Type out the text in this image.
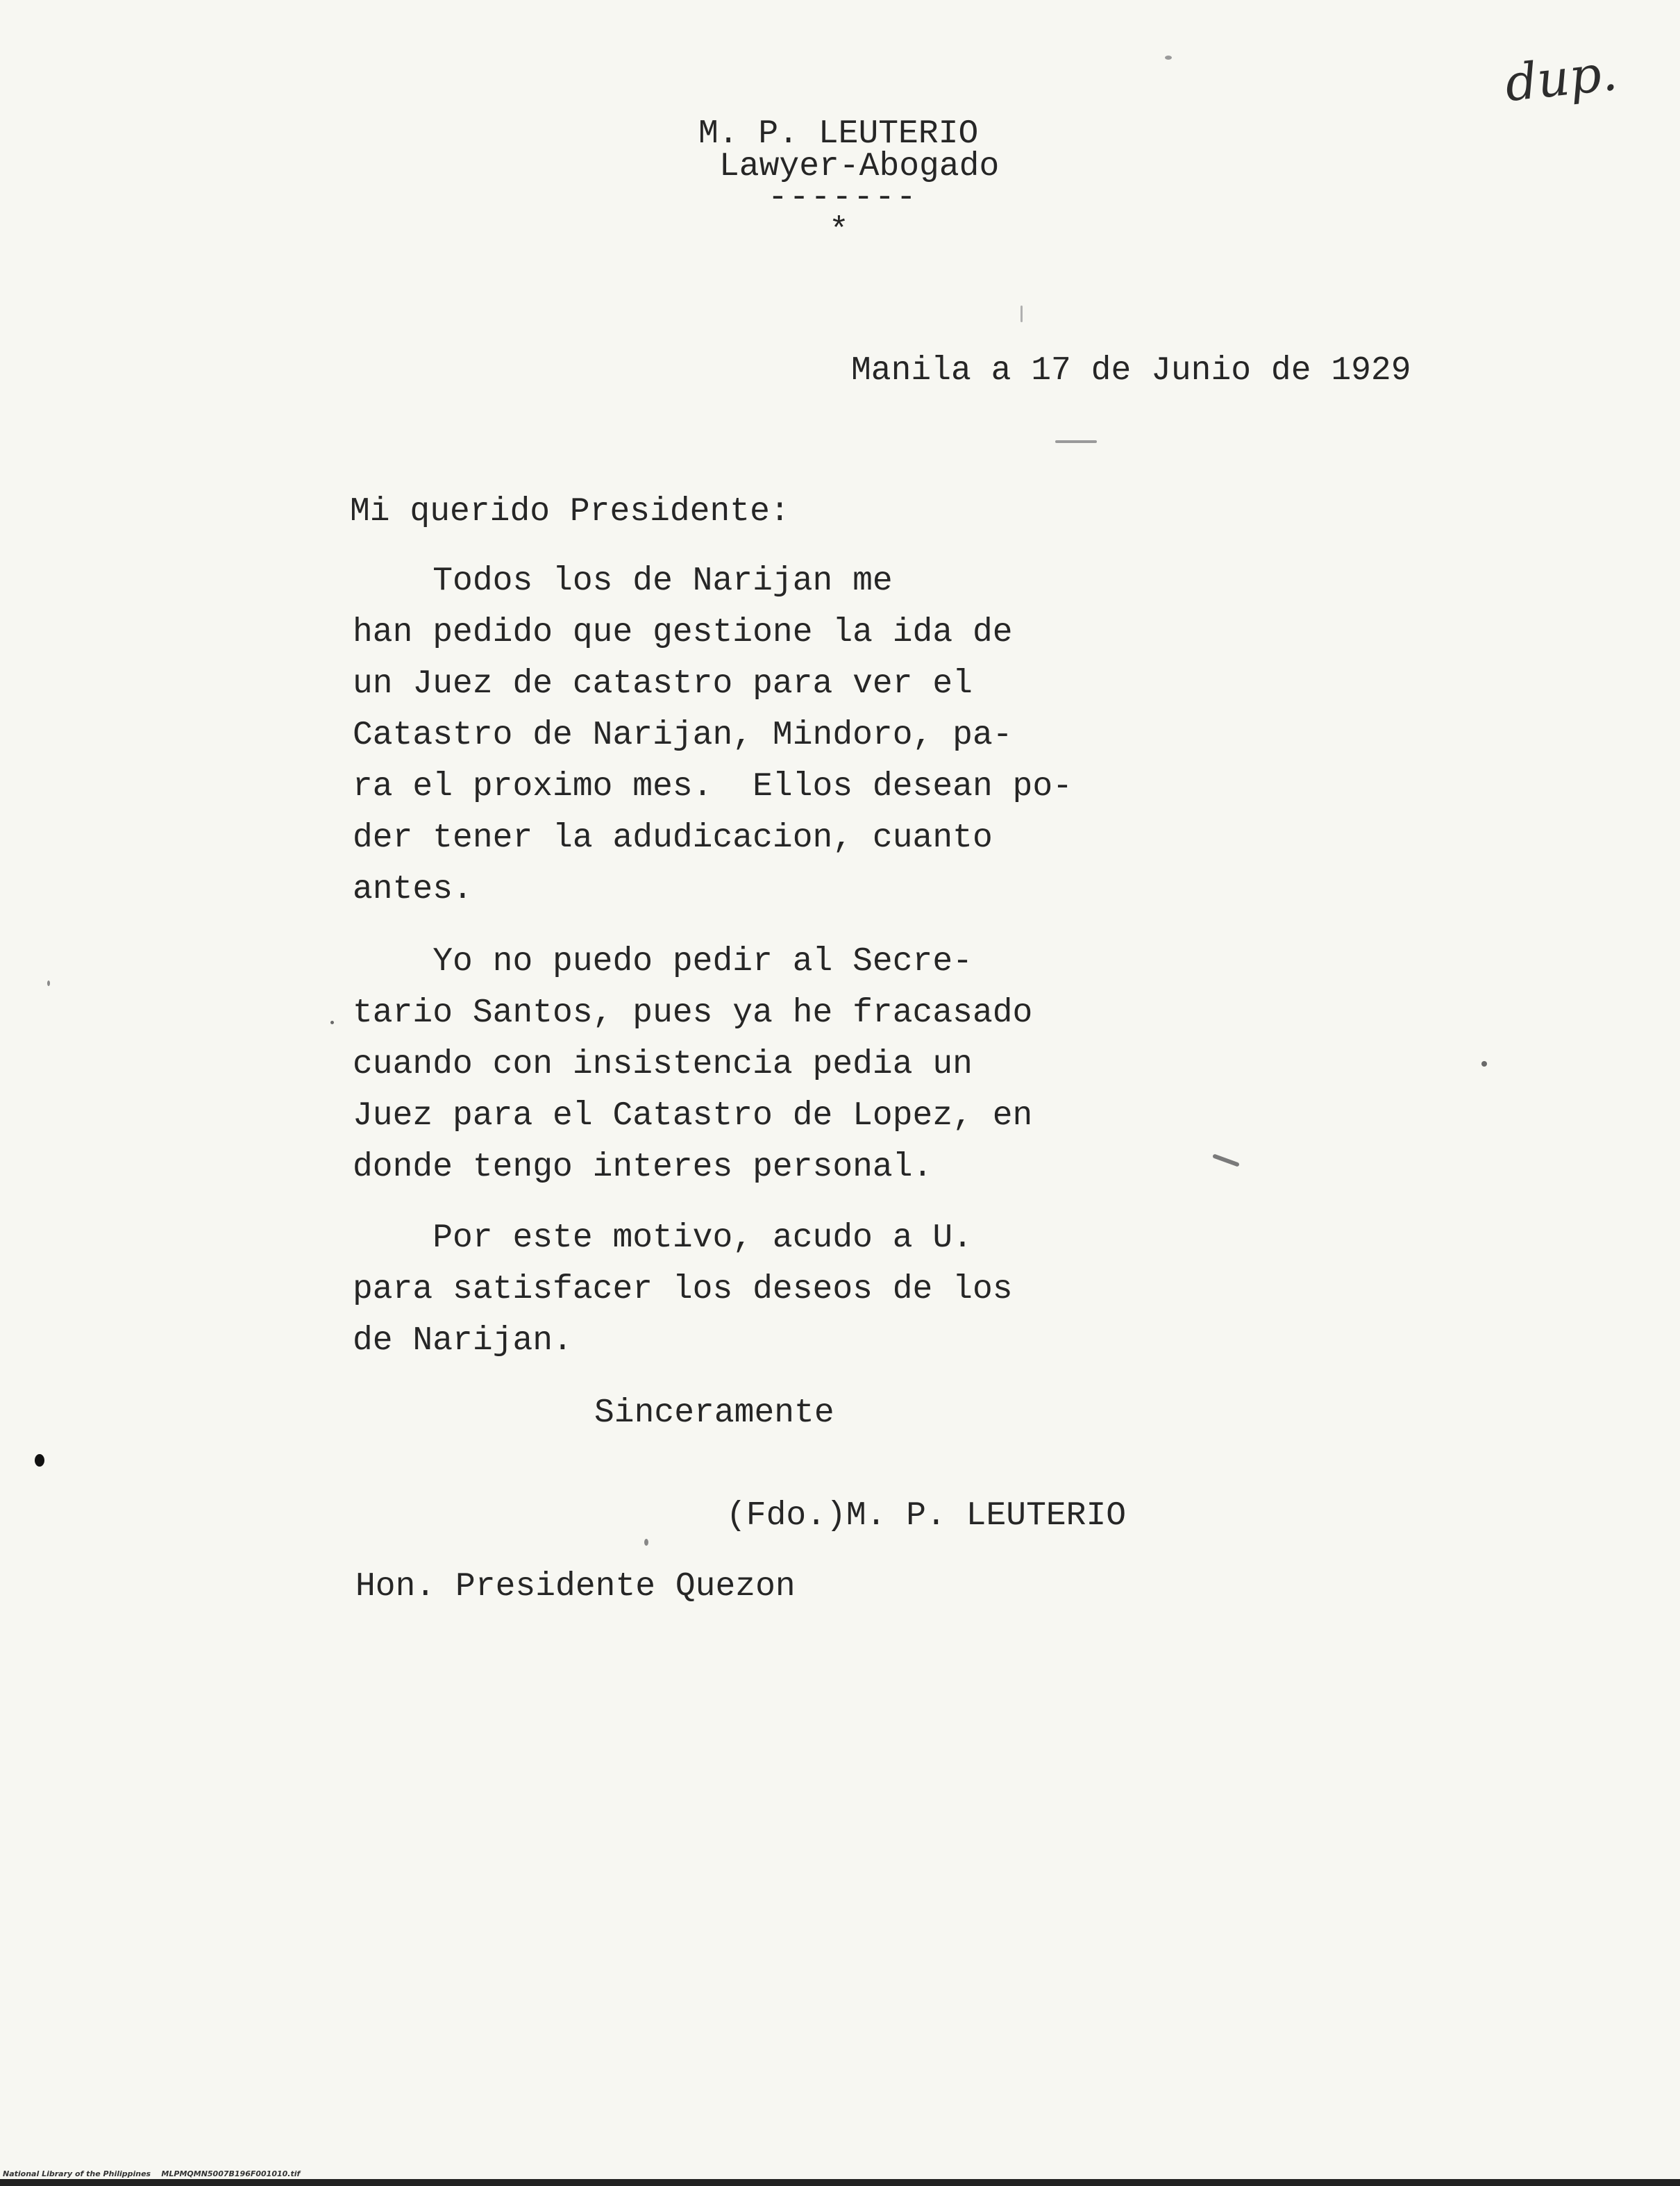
M. P. LEUTERIO

Lawyer-Abogado

-------

*

dup.

Manila a 17 de Junio de 1929

Mi querido Presidente:

Todos los de Narijan me
han pedido que gestione la ida de
un Juez de catastro para ver el
Catastro de Narijan, Mindoro, pa-
ra el proximo mes.  Ellos desean po-
der tener la adudicacion, cuanto
antes.
Yo no puedo pedir al Secre-
tario Santos, pues ya he fracasado
cuando con insistencia pedia un
Juez para el Catastro de Lopez, en
donde tengo interes personal.
Por este motivo, acudo a U.
para satisfacer los deseos de los
de Narijan.

Sinceramente

(Fdo.)M. P. LEUTERIO

Hon. Presidente Quezon

National Library of the Philippines    MLPMQMN5007B196F001010.tif
